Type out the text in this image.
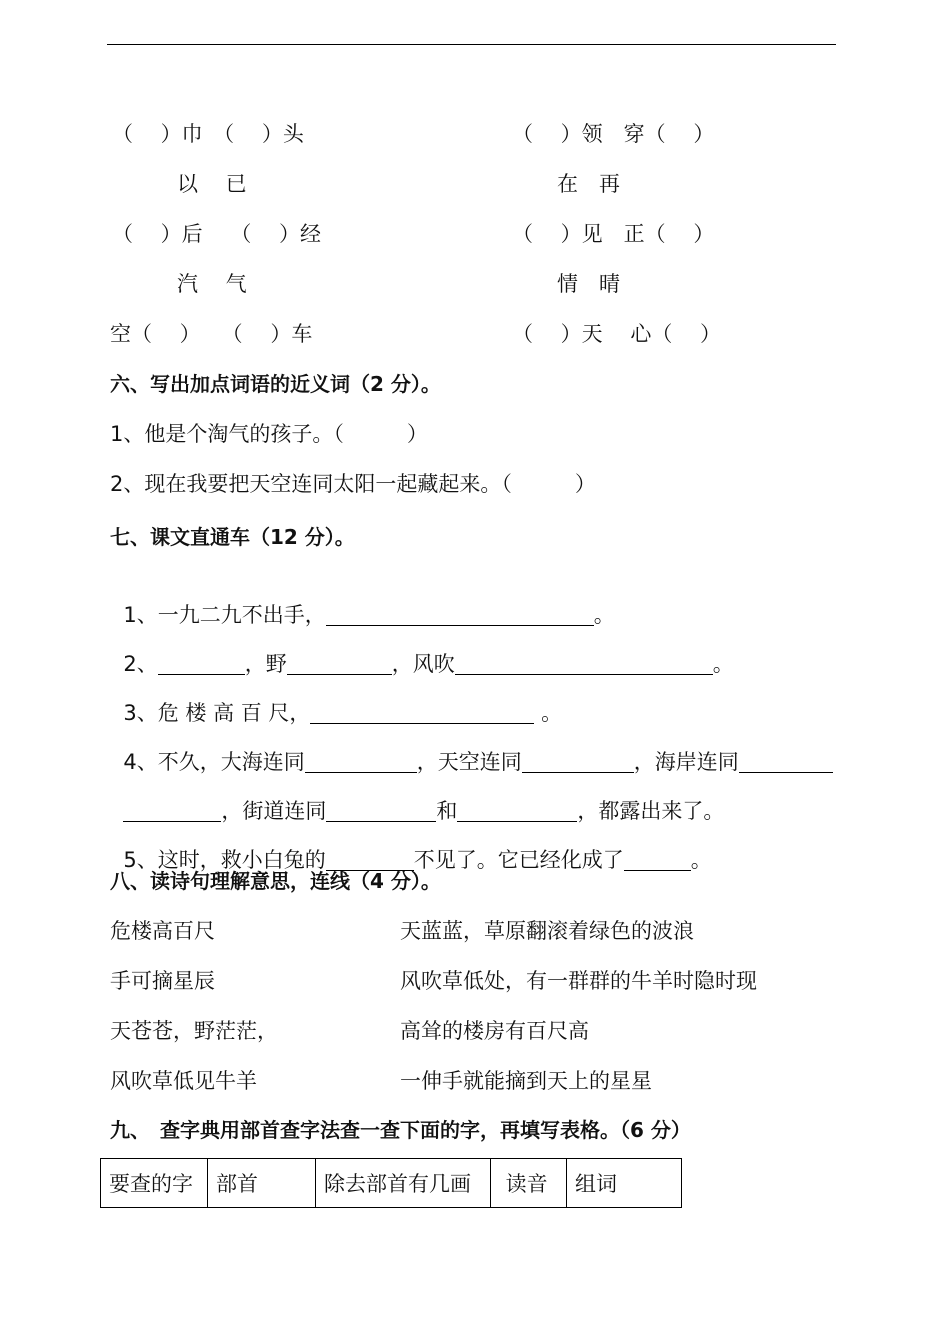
（　 ）巾　（　 ）头	（　 ）领　穿（　 ）
以　 已	在　再
（　 ）后　 （　 ）经	（　 ）见　正（　 ）
汽　 气	情　晴
空（　 ）　　（　 ）车	（　 ）天　 心（　 ）
六、写出加点词语的近义词（2 分）。
1、他是个淘气的孩子。（　　　）
2、现在我要把天空连同太阳一起藏起来。（　　　）
七、课文直通车（12 分）。

1、一九二九不出手，	。

2、	，野	，风吹	。

3、危 楼 高 百 尺，	。

4、不久，大海连同	，天空连同	，海岸连同

，街道连同	和	，都露出来了。

5、这时，救小白兔的	不见了。它已经化成了	。

八、读诗句理解意思，连线（4 分）。
危楼高百尺	天蓝蓝，草原翻滚着绿色的波浪
手可摘星辰	风吹草低处，有一群群的牛羊时隐时现
天苍苍，野茫茫，	高耸的楼房有百尺高
风吹草低见牛羊	一伸手就能摘到天上的星星
九、　查字典用部首查字法查一查下面的字，再填写表格。（6 分）
要查的字	部首	除去部首有几画	读音	组词
